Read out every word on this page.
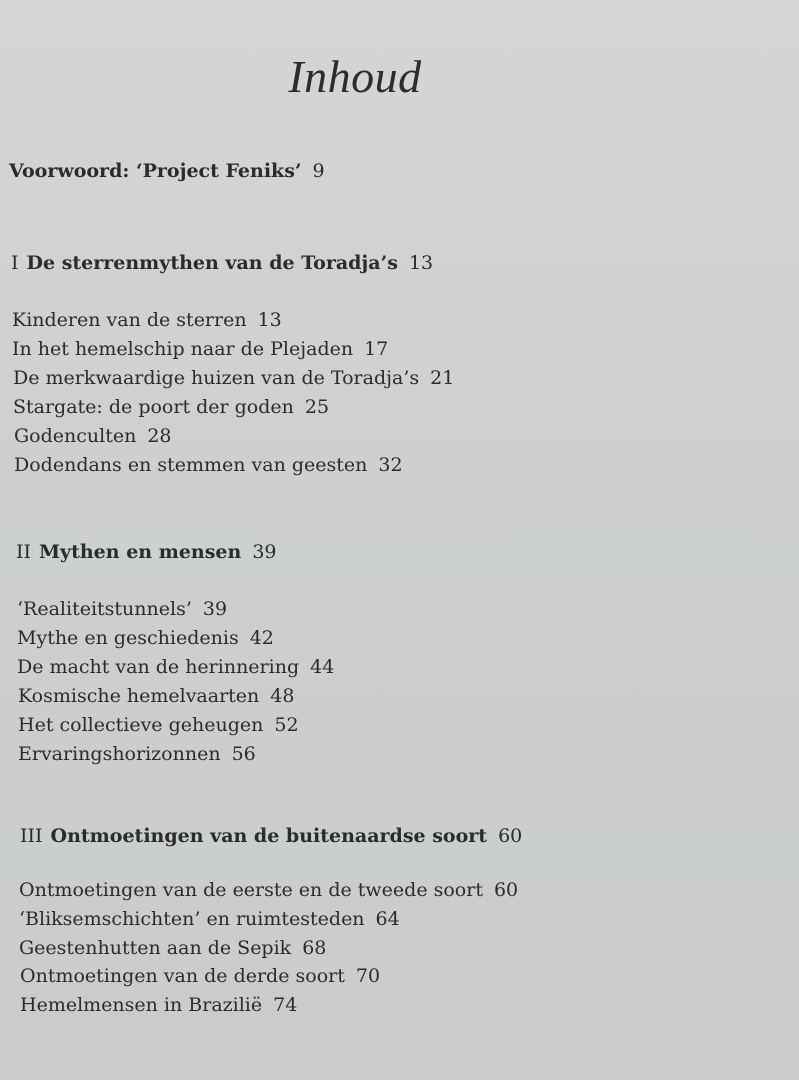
Inhoud
Voorwoord: ‘Project Feniks’ 9
I De sterrenmythen van de Toradja’s 13
Kinderen van de sterren 13
In het hemelschip naar de Plejaden 17
De merkwaardige huizen van de Toradja’s 21
Stargate: de poort der goden 25
Godenculten 28
Dodendans en stemmen van geesten 32
II Mythen en mensen 39
‘Realiteitstunnels’ 39
Mythe en geschiedenis 42
De macht van de herinnering 44
Kosmische hemelvaarten 48
Het collectieve geheugen 52
Ervaringshorizonnen 56
III Ontmoetingen van de buitenaardse soort 60
Ontmoetingen van de eerste en de tweede soort 60
‘Bliksemschichten’ en ruimtesteden 64
Geestenhutten aan de Sepik 68
Ontmoetingen van de derde soort 70
Hemelmensen in Brazilië 74
